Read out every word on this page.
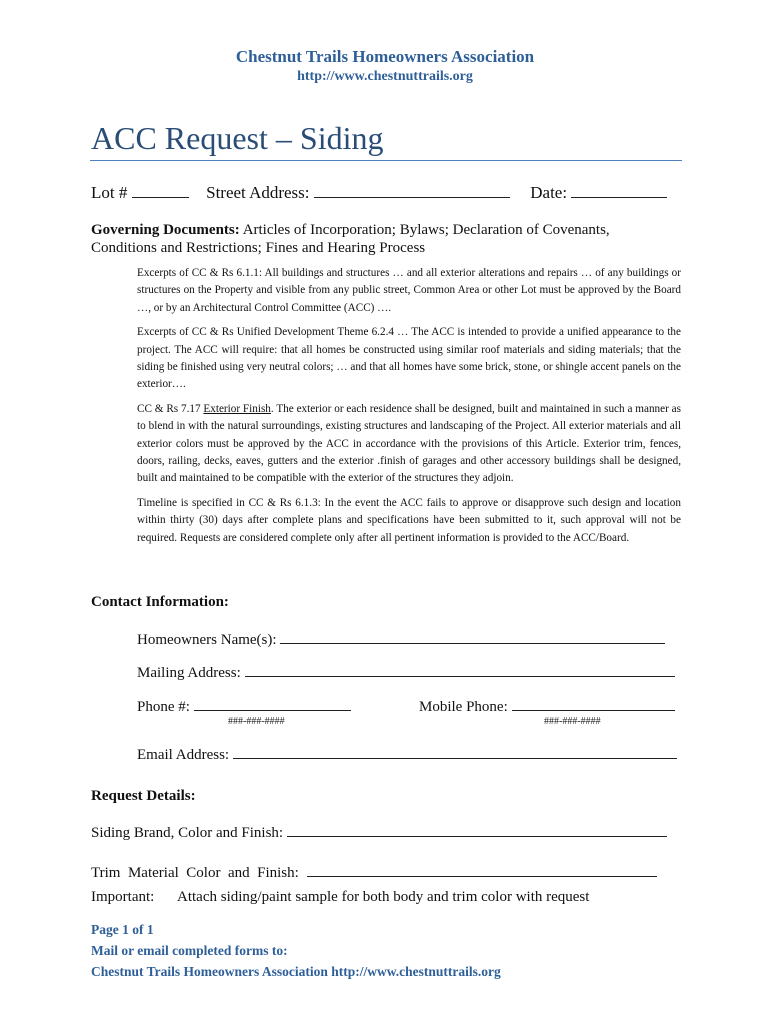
Chestnut Trails Homeowners Association
http://www.chestnuttrails.org
ACC Request – Siding
Lot #	Street Address:	Date:
Governing Documents: Articles of Incorporation; Bylaws; Declaration of Covenants, Conditions and Restrictions; Fines and Hearing Process

Excerpts of CC & Rs 6.1.1: All buildings and structures … and all exterior alterations and repairs … of any buildings or structures on the Property and visible from any public street, Common Area or other Lot must be approved by the Board …, or by an Architectural Control Committee (ACC) ….

Excerpts of CC & Rs Unified Development Theme 6.2.4 … The ACC is intended to provide a unified appearance to the project. The ACC will require: that all homes be constructed using similar roof materials and siding materials; that the siding be finished using very neutral colors; … and that all homes have some brick, stone, or shingle accent panels on the exterior….

CC & Rs 7.17 Exterior Finish. The exterior or each residence shall be designed, built and maintained in such a manner as to blend in with the natural surroundings, existing structures and landscaping of the Project. All exterior materials and all exterior colors must be approved by the ACC in accordance with the provisions of this Article. Exterior trim, fences, doors, railing, decks, eaves, gutters and the exterior .finish of garages and other accessory buildings shall be designed, built and maintained to be compatible with the exterior of the structures they adjoin.

Timeline is specified in CC & Rs 6.1.3: In the event the ACC fails to approve or disapprove such design and location within thirty (30) days after complete plans and specifications have been submitted to it, such approval will not be required. Requests are considered complete only after all pertinent information is provided to the ACC/Board.

Contact Information:
Homeowners Name(s):
Mailing Address:
Phone #:
###-###-####
Mobile Phone:
###-###-####
Email Address:
Request Details:
Siding Brand, Color and Finish:
Trim  Material  Color  and  Finish:
Important: Attach siding/paint sample for both body and trim color with request
Page 1 of 1
Mail or email completed forms to:
Chestnut Trails Homeowners Association http://www.chestnuttrails.org
